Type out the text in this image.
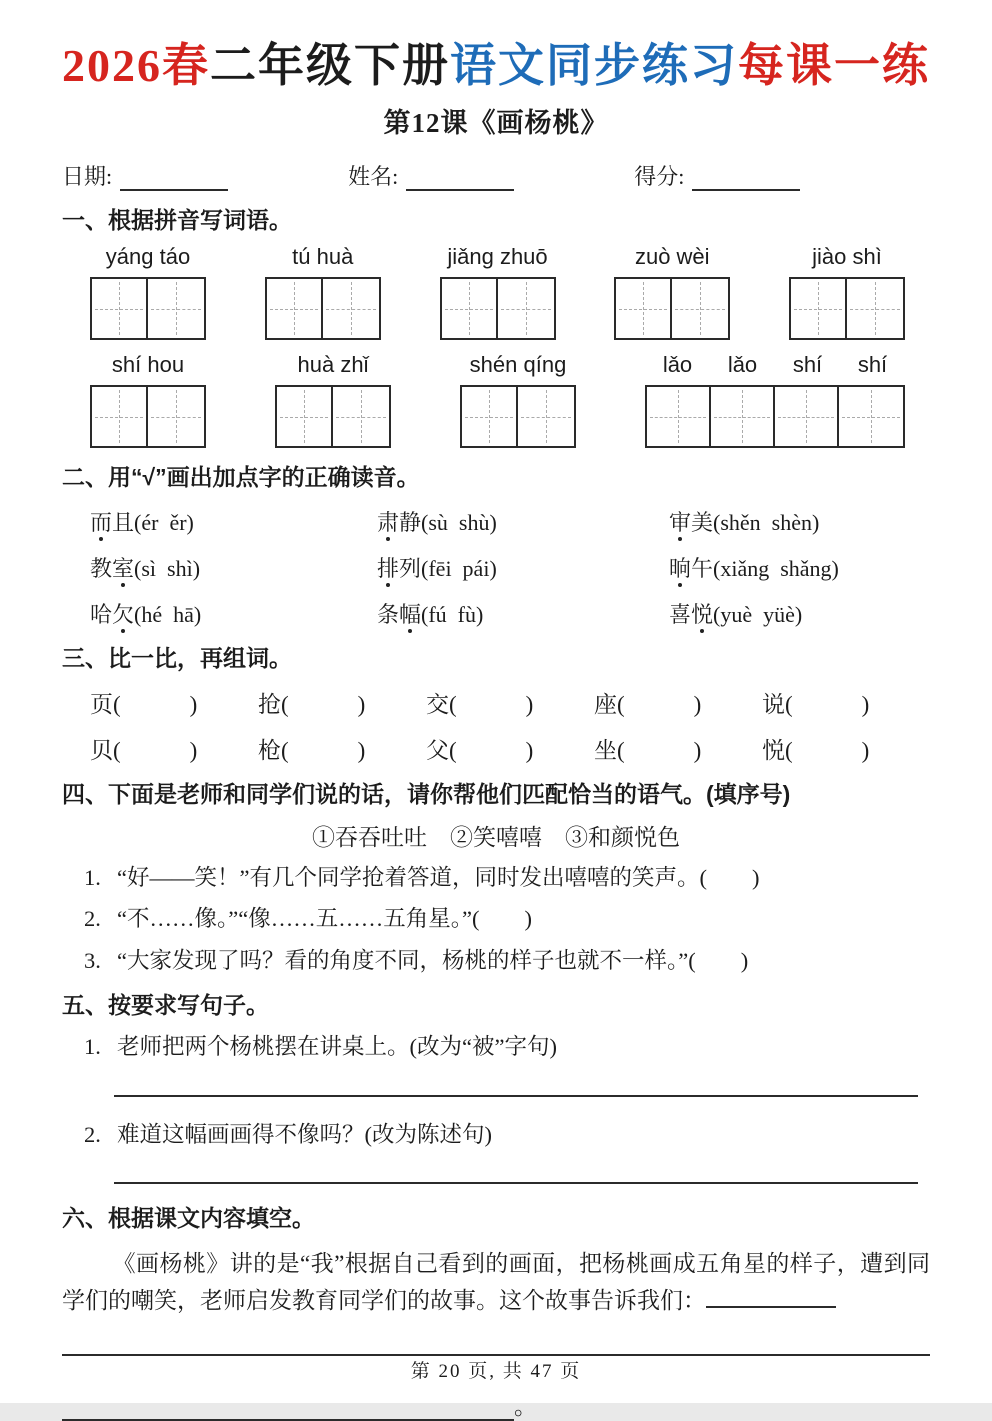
2026春二年级下册语文同步练习每课一练
第12课《画杨桃》
日期:	姓名:	得分:
一、根据拼音写词语。
yáng táo	tú huà	jiǎng zhuō	zuò wèi	jiào shì
shí hou	huà zhǐ	shén qíng	lǎo	lǎo	shí	shí
二、用“√”画出加点字的正确读音。
而且(ér  ěr)	肃静(sù  shù)	审美(shěn  shèn)
教室(sì  shì)	排列(fēi  pái)	晌午(xiǎng  shǎng)
哈欠(hé  hā)	条幅(fú  fù)	喜悦(yuè  yüè)
三、比一比，再组词。
页(　　　)	抢(　　　)	交(　　　)	座(　　　)	说(　　　)
贝(　　　)	枪(　　　)	父(　　　)	坐(　　　)	悦(　　　)
四、下面是老师和同学们说的话，请你帮他们匹配恰当的语气。(填序号)
①吞吞吐吐　②笑嘻嘻　③和颜悦色
1. “好——笑！”有几个同学抢着答道，同时发出嘻嘻的笑声。(　　)
2. “不……像。”“像……五……五角星。”(　　)
3. “大家发现了吗？看的角度不同，杨桃的样子也就不一样。”(　　)
五、按要求写句子。
1. 老师把两个杨桃摆在讲桌上。(改为“被”字句)
2. 难道这幅画画得不像吗？(改为陈述句)
六、根据课文内容填空。
《画杨桃》讲的是“我”根据自己看到的画面，把杨桃画成五角星的样子，遭到同学们的嘲笑，老师启发教育同学们的故事。这个故事告诉我们：
。
第 20 页, 共 47 页
